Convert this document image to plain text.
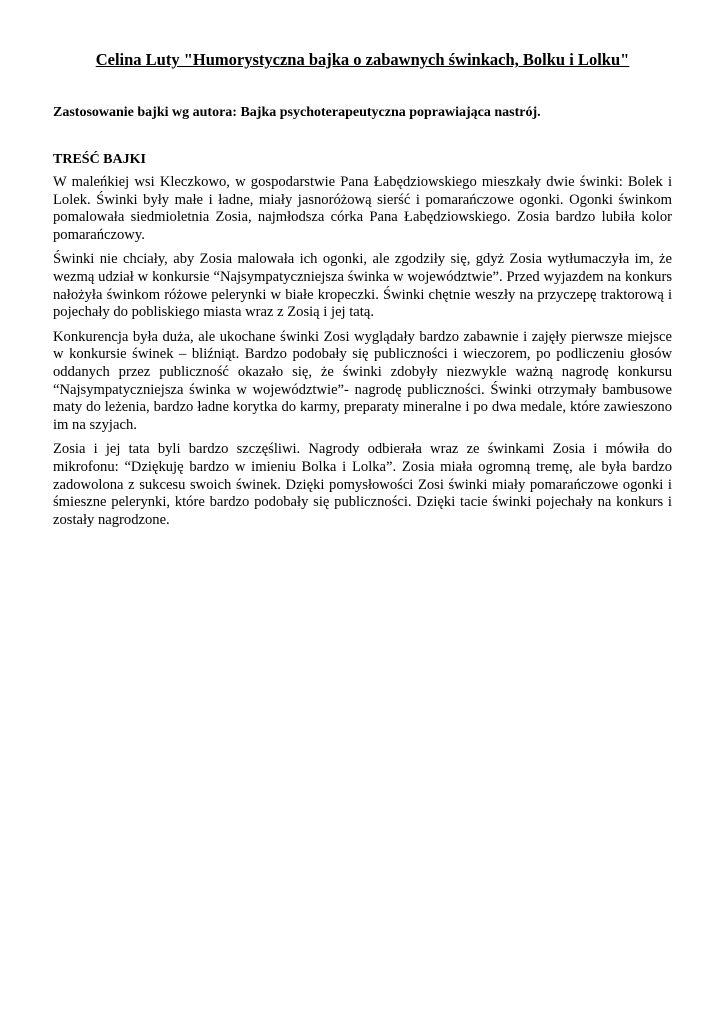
Celina Luty "Humorystyczna bajka o zabawnych świnkach, Bolku i Lolku"

Zastosowanie bajki wg autora: Bajka psychoterapeutyczna poprawiająca nastrój.

TREŚĆ BAJKI

W maleńkiej wsi Kleczkowo, w gospodarstwie Pana Łabędziowskiego mieszkały dwie świnki: Bolek i Lolek. Świnki były małe i ładne, miały jasnoróżową sierść i pomarańczowe ogonki. Ogonki świnkom pomalowała siedmioletnia Zosia, najmłodsza córka Pana Łabędziowskiego. Zosia bardzo lubiła kolor pomarańczowy.

Świnki nie chciały, aby Zosia malowała ich ogonki, ale zgodziły się, gdyż Zosia wytłumaczyła im, że wezmą udział w konkursie “Najsympatyczniejsza świnka w województwie”. Przed wyjazdem na konkurs nałożyła świnkom różowe pelerynki w białe kropeczki. Świnki chętnie weszły na przyczepę traktorową i pojechały do pobliskiego miasta wraz z Zosią i jej tatą.

Konkurencja była duża, ale ukochane świnki Zosi wyglądały bardzo zabawnie i zajęły pierwsze miejsce w konkursie świnek – bliźniąt. Bardzo podobały się publiczności i wieczorem, po podliczeniu głosów oddanych przez publiczność okazało się, że świnki zdobyły niezwykle ważną nagrodę konkursu “Najsympatyczniejsza świnka w województwie”- nagrodę publiczności. Świnki otrzymały bambusowe maty do leżenia, bardzo ładne korytka do karmy, preparaty mineralne i po dwa medale, które zawieszono im na szyjach.

Zosia i jej tata byli bardzo szczęśliwi. Nagrody odbierała wraz ze świnkami Zosia i mówiła do mikrofonu: “Dziękuję bardzo w imieniu Bolka i Lolka”. Zosia miała ogromną tremę, ale była bardzo zadowolona z sukcesu swoich świnek. Dzięki pomysłowości Zosi świnki miały pomarańczowe ogonki i śmieszne pelerynki, które bardzo podobały się publiczności. Dzięki tacie świnki pojechały na konkurs i zostały nagrodzone.
